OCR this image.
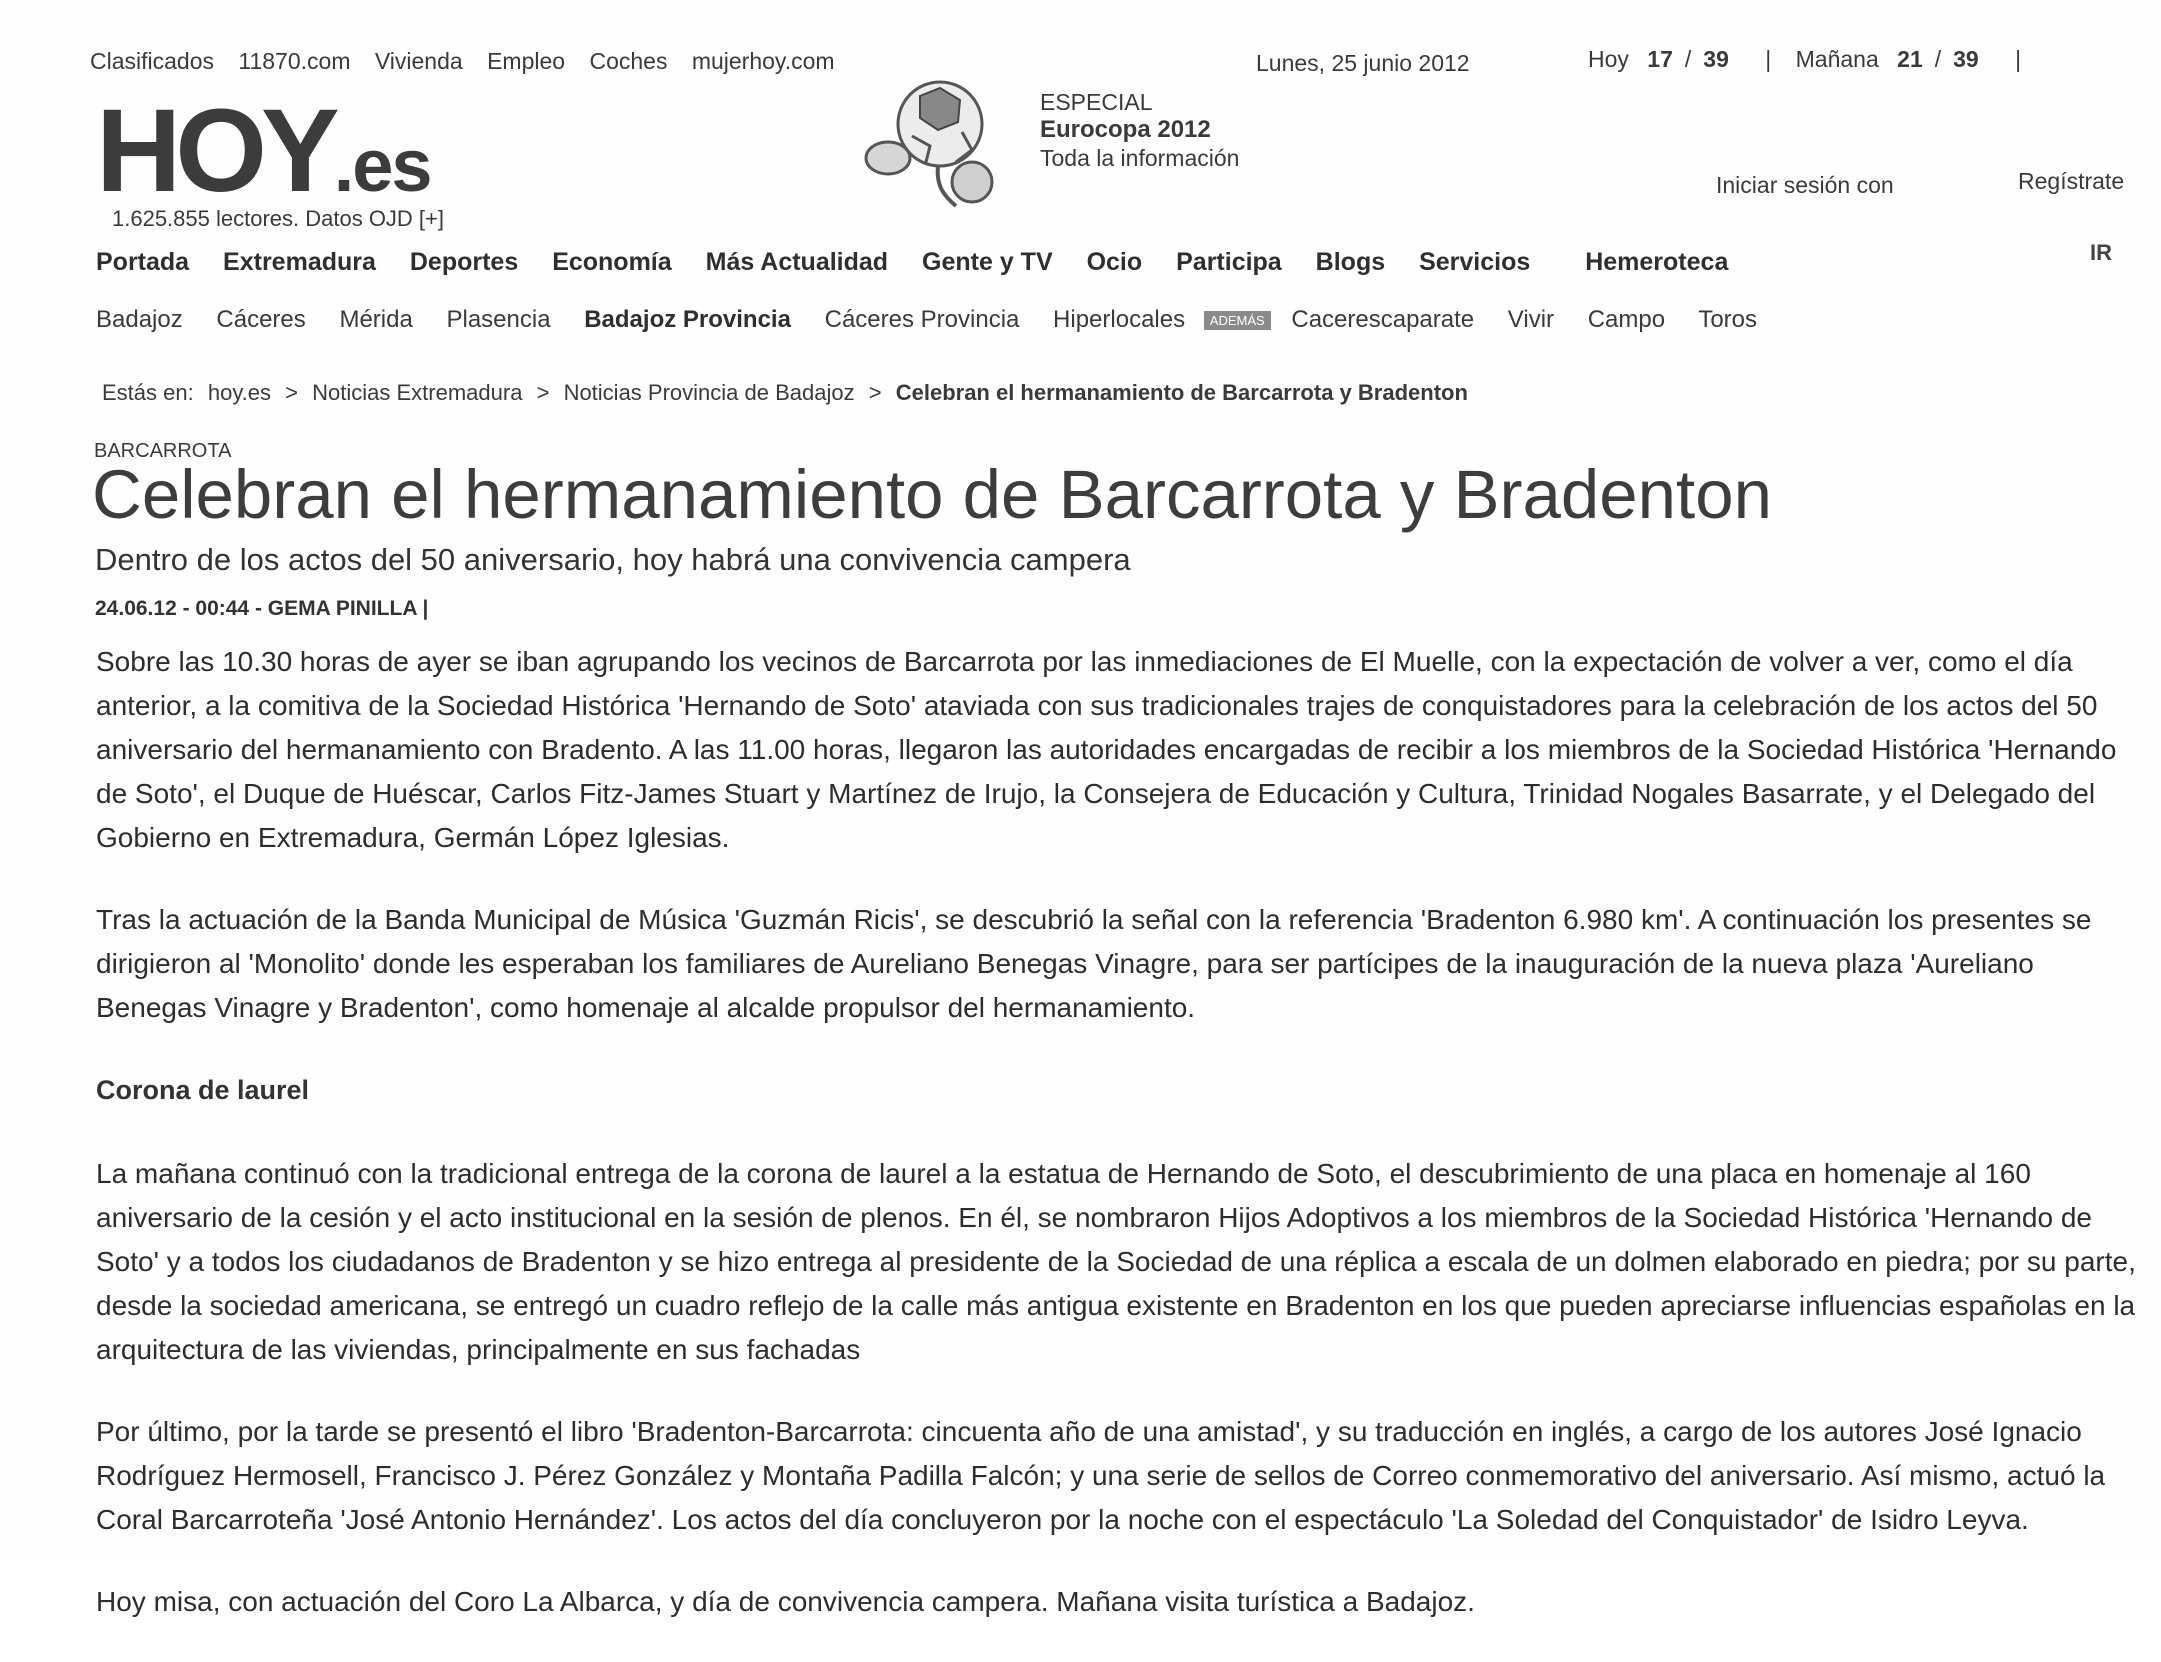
Clasificados 11870.com Vivienda Empleo Coches mujerhoy.com	Lunes, 25 junio 2012	Hoy 17 / 39 | Mañana 21 / 39 |
HOY.es
1.625.855 lectores. Datos OJD [+]
ESPECIAL
Eurocopa 2012
Toda la información
Iniciar sesión con	Regístrate
IR
Portada Extremadura Deportes Economía Más Actualidad Gente y TV Ocio Participa Blogs Servicios Hemeroteca
Badajoz Cáceres Mérida Plasencia Badajoz Provincia Cáceres Provincia Hiperlocales ADEMÁS Cacerescaparate Vivir Campo Toros
Estás en: hoy.es > Noticias Extremadura > Noticias Provincia de Badajoz > Celebran el hermanamiento de Barcarrota y Bradenton
BARCARROTA
Celebran el hermanamiento de Barcarrota y Bradenton
Dentro de los actos del 50 aniversario, hoy habrá una convivencia campera
24.06.12 - 00:44 - GEMA PINILLA |

Sobre las 10.30 horas de ayer se iban agrupando los vecinos de Barcarrota por las inmediaciones de El Muelle, con la expectación de volver a ver, como el día anterior, a la comitiva de la Sociedad Histórica 'Hernando de Soto' ataviada con sus tradicionales trajes de conquistadores para la celebración de los actos del 50 aniversario del hermanamiento con Bradento. A las 11.00 horas, llegaron las autoridades encargadas de recibir a los miembros de la Sociedad Histórica 'Hernando de Soto', el Duque de Huéscar, Carlos Fitz-James Stuart y Martínez de Irujo, la Consejera de Educación y Cultura, Trinidad Nogales Basarrate, y el Delegado del Gobierno en Extremadura, Germán López Iglesias.

Tras la actuación de la Banda Municipal de Música 'Guzmán Ricis', se descubrió la señal con la referencia 'Bradenton 6.980 km'. A continuación los presentes se dirigieron al 'Monolito' donde les esperaban los familiares de Aureliano Benegas Vinagre, para ser partícipes de la inauguración de la nueva plaza 'Aureliano Benegas Vinagre y Bradenton', como homenaje al alcalde propulsor del hermanamiento.

Corona de laurel

La mañana continuó con la tradicional entrega de la corona de laurel a la estatua de Hernando de Soto, el descubrimiento de una placa en homenaje al 160 aniversario de la cesión y el acto institucional en la sesión de plenos. En él, se nombraron Hijos Adoptivos a los miembros de la Sociedad Histórica 'Hernando de Soto' y a todos los ciudadanos de Bradenton y se hizo entrega al presidente de la Sociedad de una réplica a escala de un dolmen elaborado en piedra; por su parte, desde la sociedad americana, se entregó un cuadro reflejo de la calle más antigua existente en Bradenton en los que pueden apreciarse influencias españolas en la arquitectura de las viviendas, principalmente en sus fachadas

Por último, por la tarde se presentó el libro 'Bradenton-Barcarrota: cincuenta año de una amistad', y su traducción en inglés, a cargo de los autores José Ignacio Rodríguez Hermosell, Francisco J. Pérez González y Montaña Padilla Falcón; y una serie de sellos de Correo conmemorativo del aniversario. Así mismo, actuó la Coral Barcarroteña 'José Antonio Hernández'. Los actos del día concluyeron por la noche con el espectáculo 'La Soledad del Conquistador' de Isidro Leyva.

Hoy misa, con actuación del Coro La Albarca, y día de convivencia campera. Mañana visita turística a Badajoz.
